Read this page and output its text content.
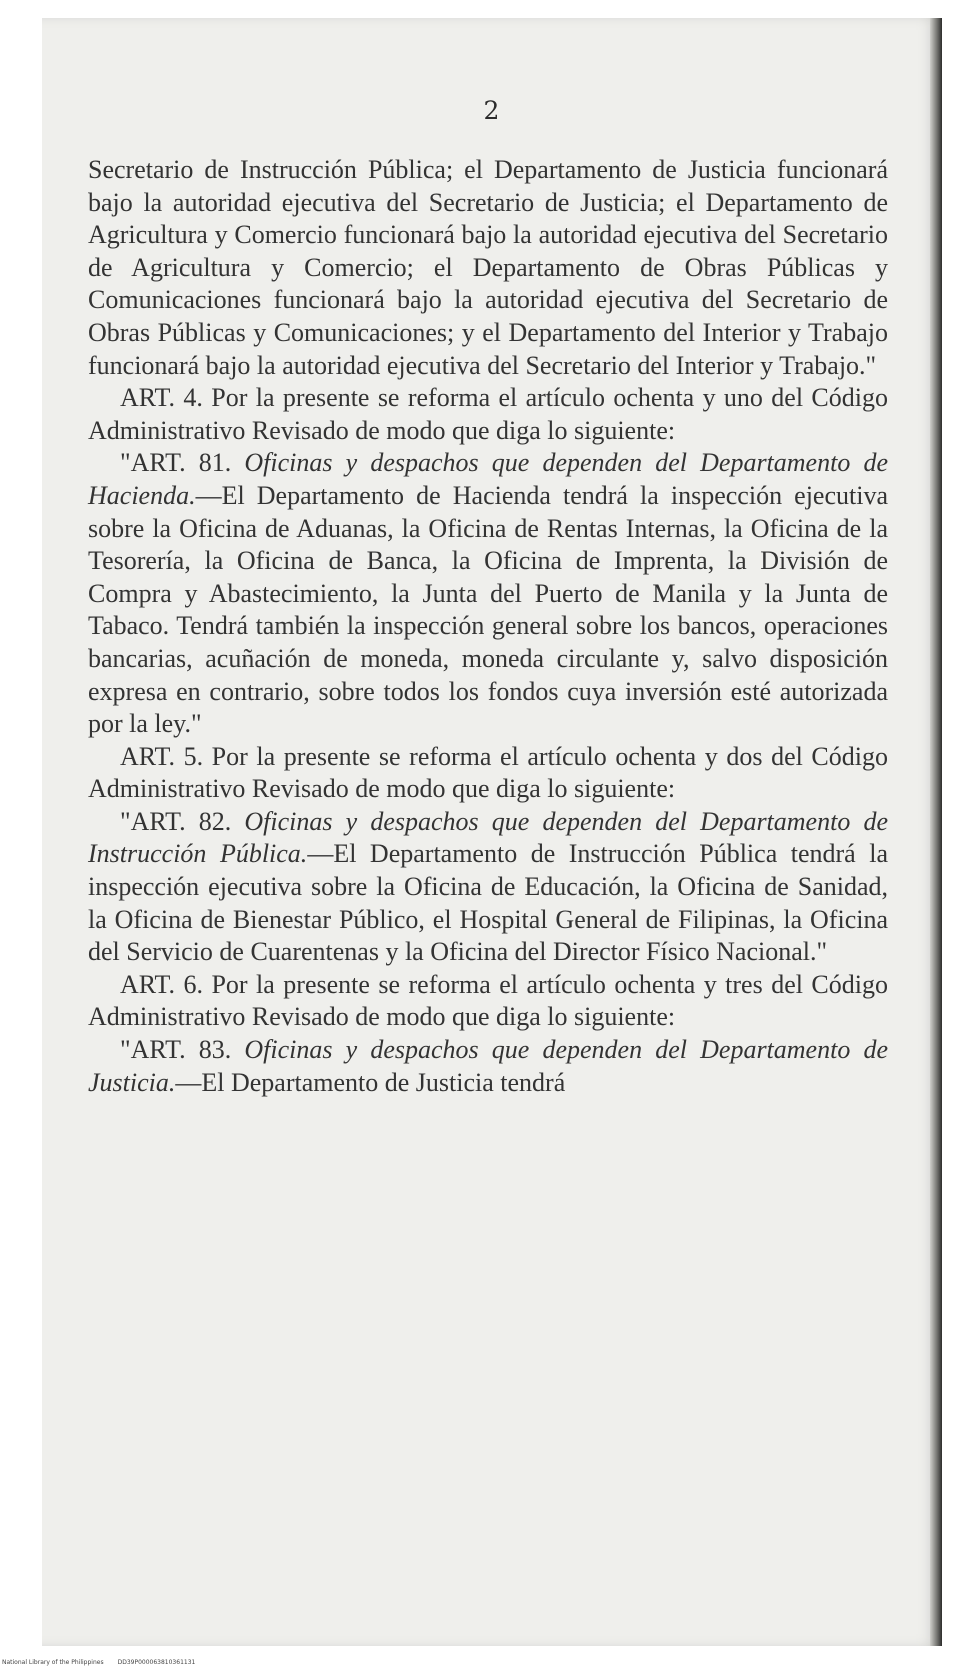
2

Secretario de Instrucción Pública; el Departamento de Justicia funcionará bajo la autoridad ejecutiva del Secretario de Justicia; el Departamento de Agricultura y Comercio funcionará bajo la autoridad ejecutiva del Secretario de Agricultura y Comercio; el Departamento de Obras Públicas y Comunicaciones funcionará bajo la autoridad ejecutiva del Secretario de Obras Públicas y Comunicaciones; y el Departamento del Interior y Trabajo funcionará bajo la autoridad ejecutiva del Secretario del Interior y Trabajo."

ART. 4. Por la presente se reforma el artículo ochenta y uno del Código Administrativo Revisado de modo que diga lo siguiente:

"ART. 81. Oficinas y despachos que dependen del Departamento de Hacienda.—El Departamento de Hacienda tendrá la inspección ejecutiva sobre la Oficina de Aduanas, la Oficina de Rentas Internas, la Oficina de la Tesorería, la Oficina de Banca, la Oficina de Imprenta, la División de Compra y Abastecimiento, la Junta del Puerto de Manila y la Junta de Tabaco. Tendrá también la inspección general sobre los bancos, operaciones bancarias, acuñación de moneda, moneda circulante y, salvo disposición expresa en contrario, sobre todos los fondos cuya inversión esté autorizada por la ley."

ART. 5. Por la presente se reforma el artículo ochenta y dos del Código Administrativo Revisado de modo que diga lo siguiente:

"ART. 82. Oficinas y despachos que dependen del Departamento de Instrucción Pública.—El Departamento de Instrucción Pública tendrá la inspección ejecutiva sobre la Oficina de Educación, la Oficina de Sanidad, la Oficina de Bienestar Público, el Hospital General de Filipinas, la Oficina del Servicio de Cuarentenas y la Oficina del Director Físico Nacional."

ART. 6. Por la presente se reforma el artículo ochenta y tres del Código Administrativo Revisado de modo que diga lo siguiente:

"ART. 83. Oficinas y despachos que dependen del Departamento de Justicia.—El Departamento de Justicia tendrá

National Library of the Philippines DD39P000063810361131
